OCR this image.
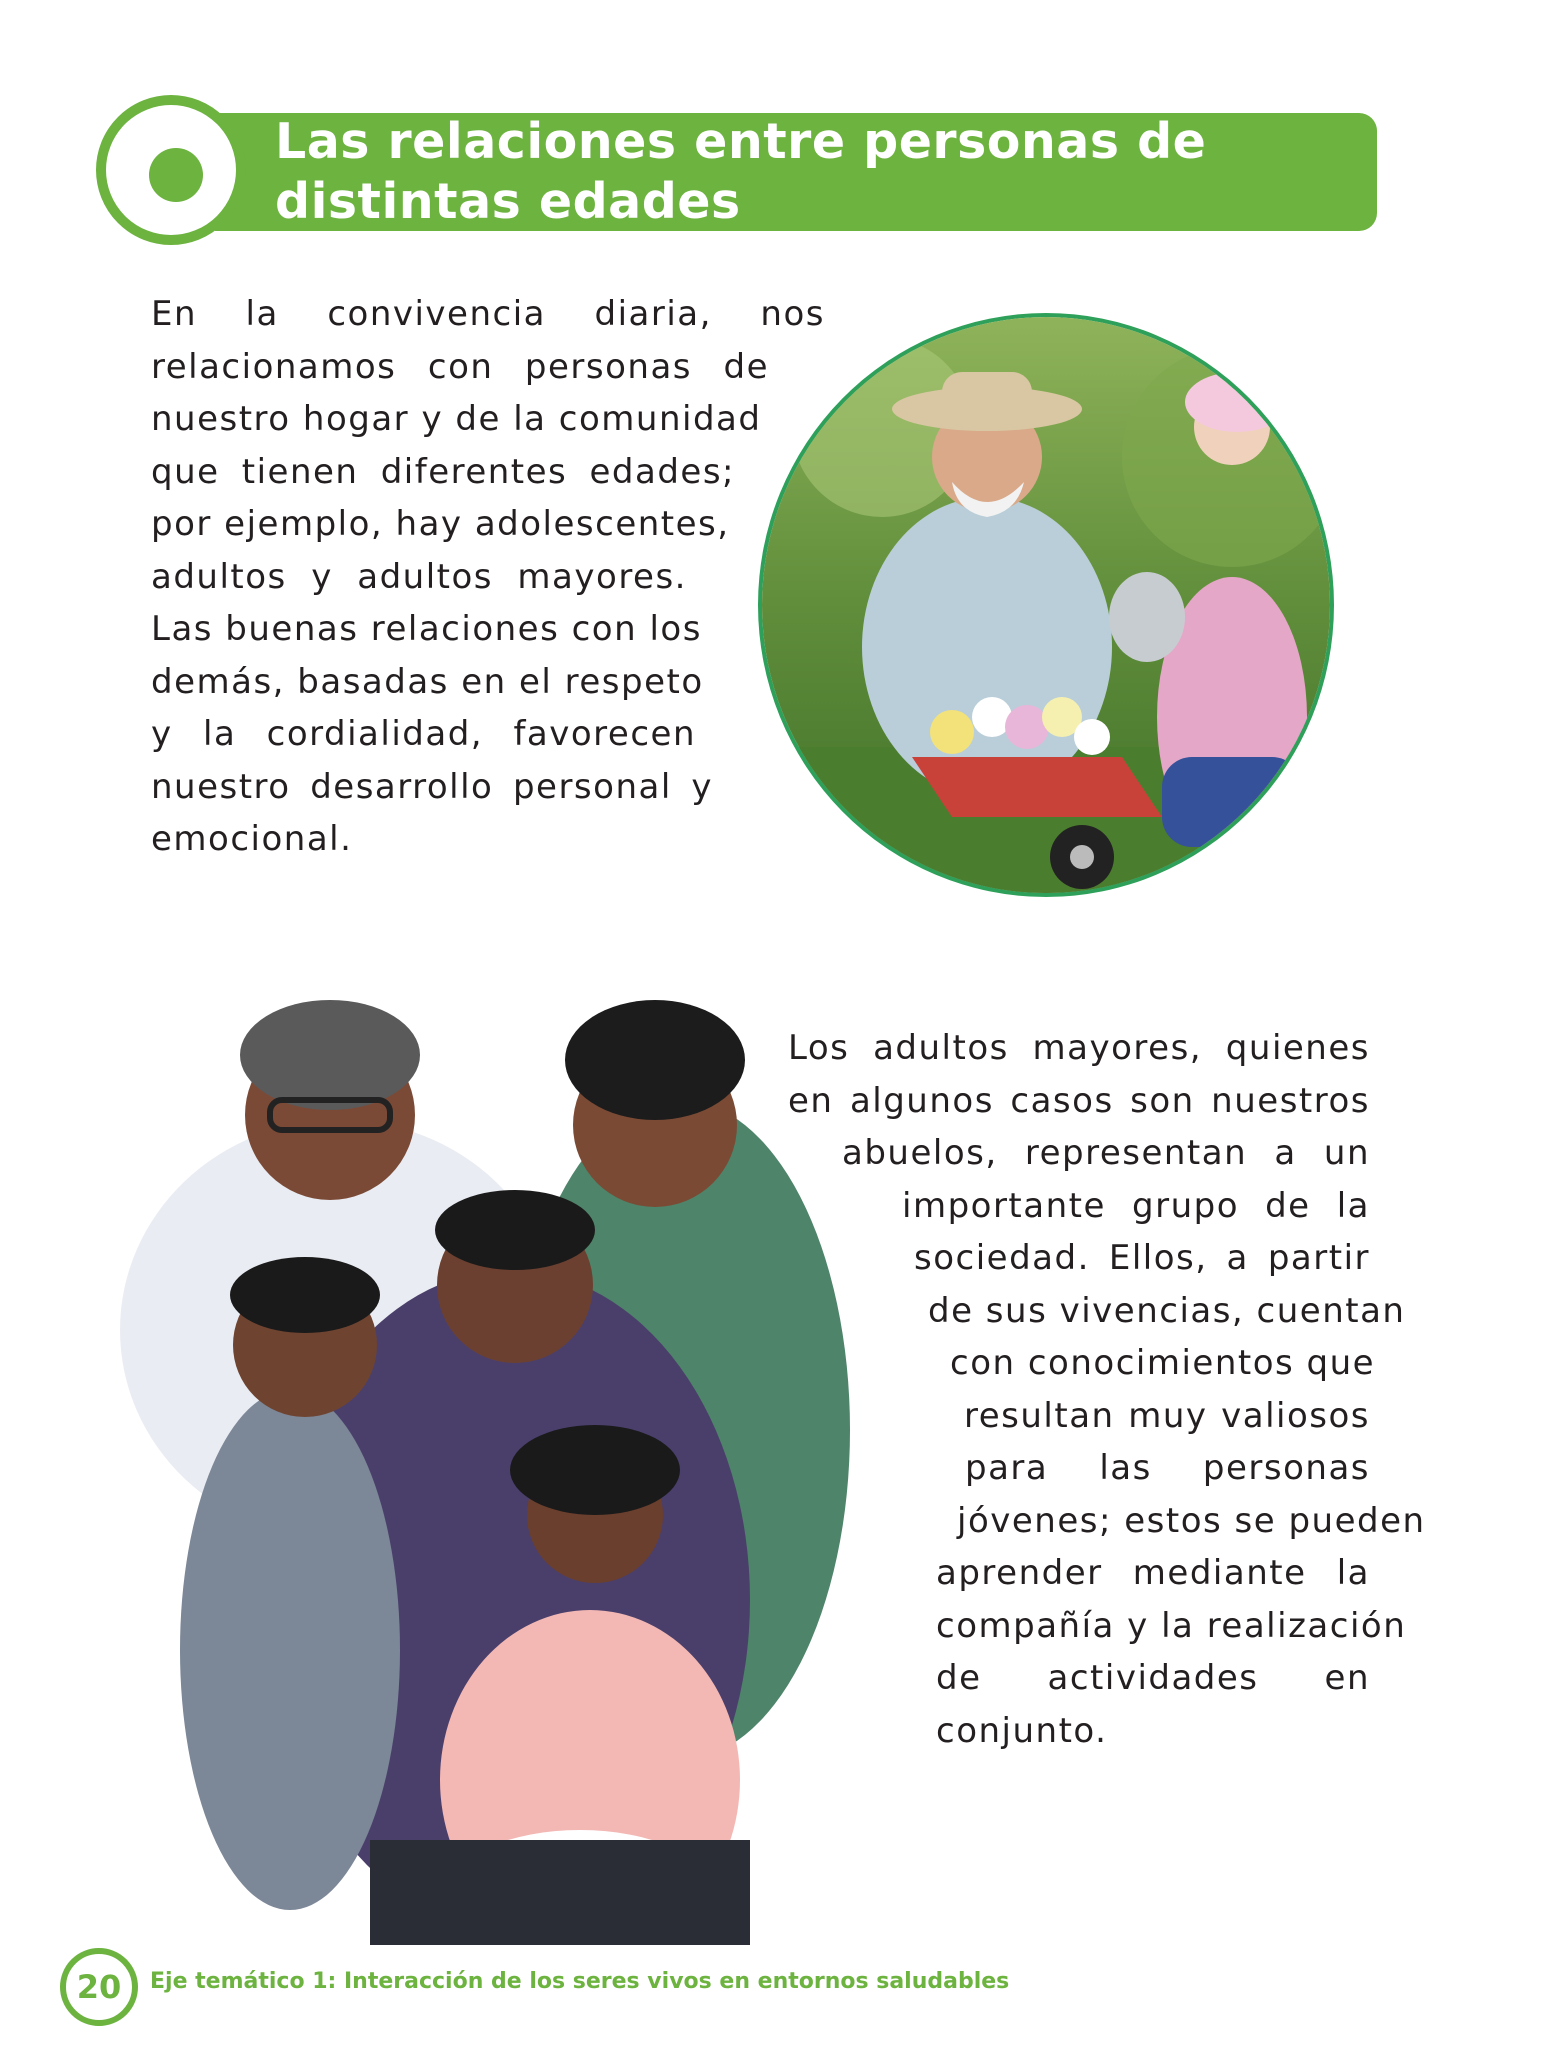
Las relaciones entre personas de distintas edades
En la convivencia diaria, nos
relacionamos con personas de
nuestro hogar y de la comunidad
que tienen diferentes edades;
por ejemplo, hay adolescentes,
adultos y adultos mayores.
Las buenas relaciones con los
demás, basadas en el respeto
y la cordialidad, favorecen
nuestro desarrollo personal y
emocional.
Los adultos mayores, quienes
en algunos casos son nuestros
abuelos, representan a un
importante grupo de la
sociedad. Ellos, a partir
de sus vivencias, cuentan
con conocimientos que
resultan muy valiosos
para las personas
jóvenes; estos se pueden
aprender mediante la
compañía y la realización
de actividades en
conjunto.
20	Eje temático 1: Interacción de los seres vivos en entornos saludables
